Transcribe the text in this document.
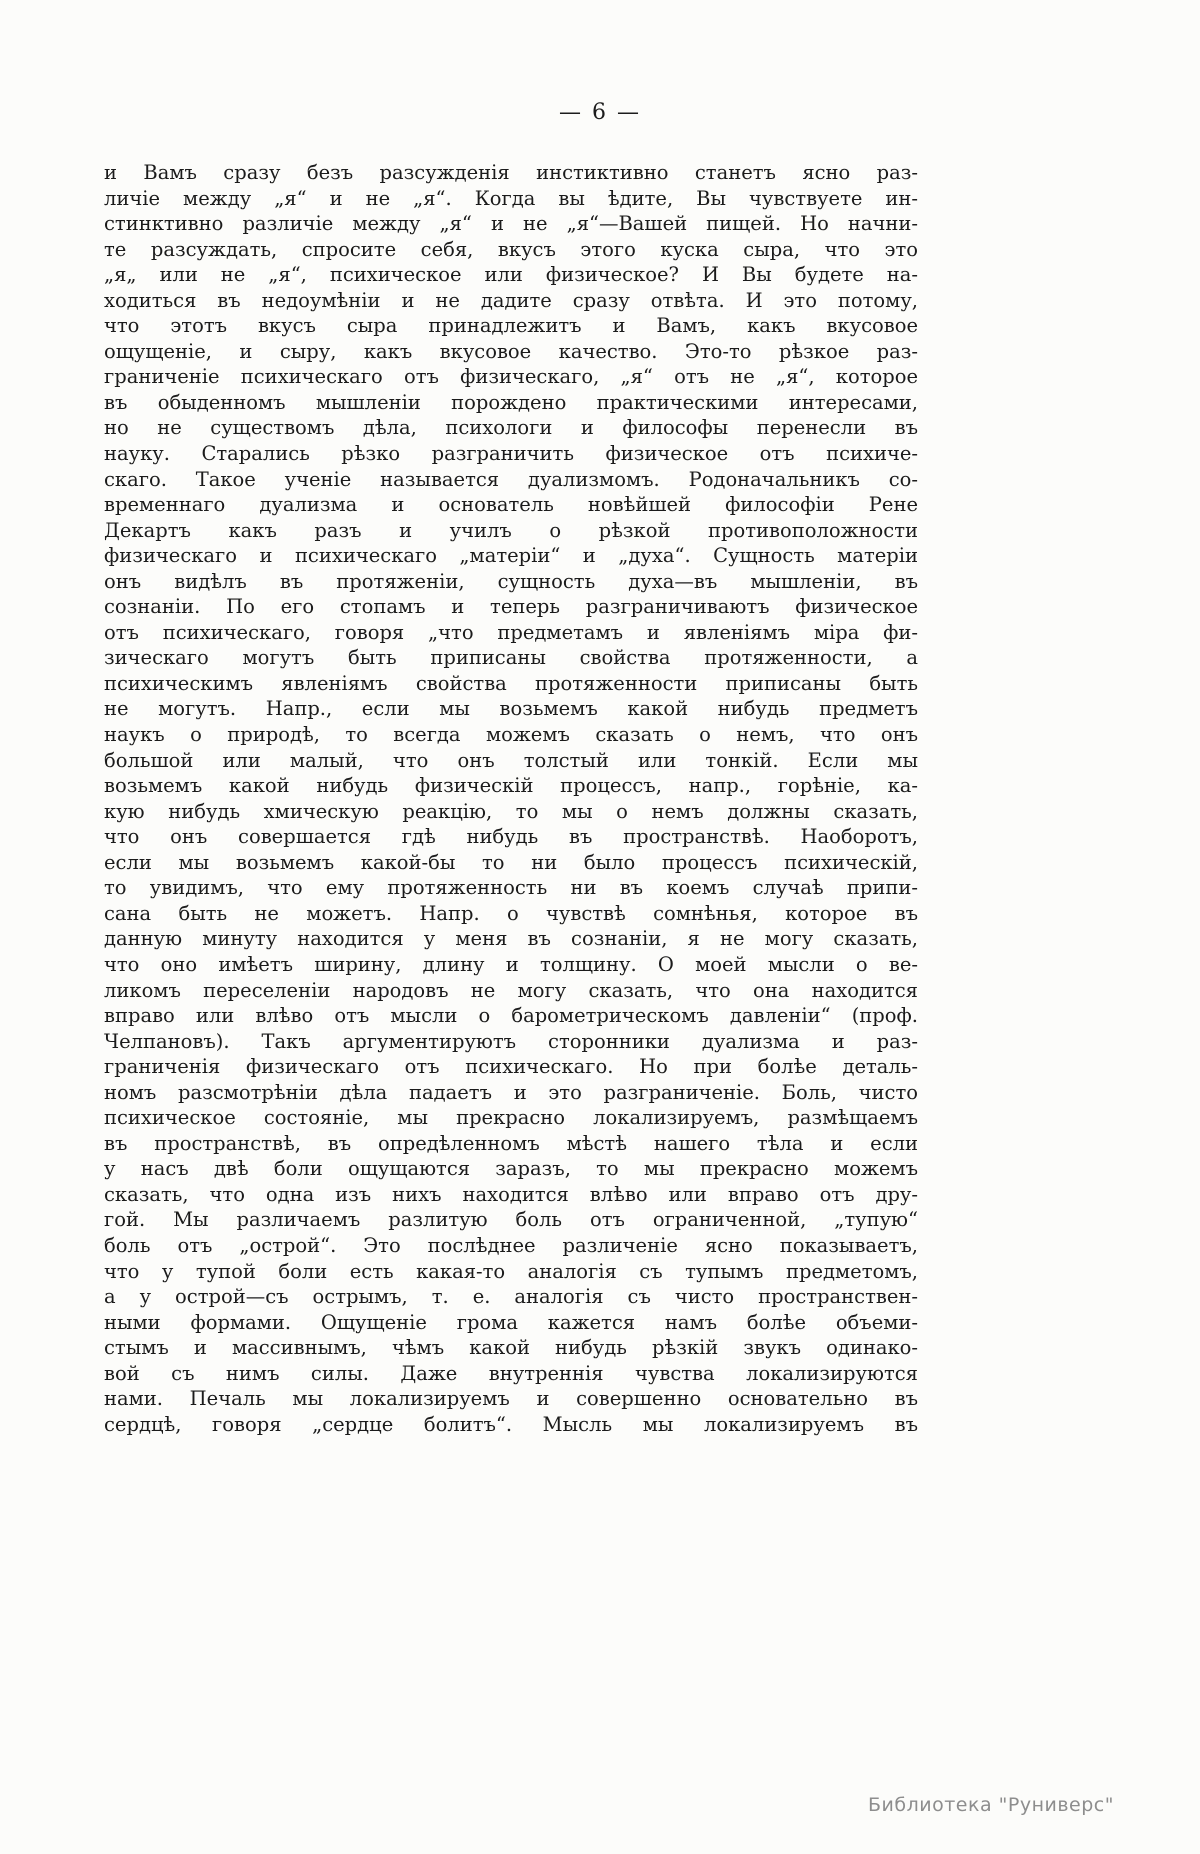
— 6 —
и Вамъ сразу безъ разсужденія инстиктивно станетъ ясно раз-
личіе между „я“ и не „я“. Когда вы ѣдите, Вы чувствуете ин-
стинктивно различіе между „я“ и не „я“—Вашей пищей. Но начни-
те разсуждать, спросите себя, вкусъ этого куска сыра, что это
„я„ или не „я“, психическое или физическое? И Вы будете на-
ходиться въ недоумѣніи и не дадите сразу отвѣта. И это потому,
что этотъ вкусъ сыра принадлежитъ и Вамъ, какъ вкусовое
ощущеніе, и сыру, какъ вкусовое качество. Это-то рѣзкое раз-
граниченіе психическаго отъ физическаго, „я“ отъ не „я“, которое
въ обыденномъ мышленіи порождено практическими интересами,
но не существомъ дѣла, психологи и философы перенесли въ
науку. Старались рѣзко разграничить физическое отъ психиче-
скаго. Такое ученіе называется дуализмомъ. Родоначальникъ со-
временнаго дуализма и основатель новѣйшей философіи Рене
Декартъ какъ разъ и училъ о рѣзкой противоположности
физическаго и психическаго „матеріи“ и „духа“. Сущность матеріи
онъ видѣлъ въ протяженіи, сущность духа—въ мышленіи, въ
сознаніи. По его стопамъ и теперь разграничиваютъ физическое
отъ психическаго, говоря „что предметамъ и явленіямъ міра фи-
зическаго могутъ быть приписаны свойства протяженности, а
психическимъ явленіямъ свойства протяженности приписаны быть
не могутъ. Напр., если мы возьмемъ какой нибудь предметъ
наукъ о природѣ, то всегда можемъ сказать о немъ, что онъ
большой или малый, что онъ толстый или тонкій. Если мы
возьмемъ какой нибудь физическій процессъ, напр., горѣніе, ка-
кую нибудь хмическую реакцію, то мы о немъ должны сказать,
что онъ совершается гдѣ нибудь въ пространствѣ. Наоборотъ,
если мы возьмемъ какой-бы то ни было процессъ психическій,
то увидимъ, что ему протяженность ни въ коемъ случаѣ припи-
сана быть не можетъ. Напр. о чувствѣ сомнѣнья, которое въ
данную минуту находится у меня въ сознаніи, я не могу сказать,
что оно имѣетъ ширину, длину и толщину. О моей мысли о ве-
ликомъ переселеніи народовъ не могу сказать, что она находится
вправо или влѣво отъ мысли о барометрическомъ давленіи“ (проф.
Челпановъ). Такъ аргументируютъ сторонники дуализма и раз-
граниченія физическаго отъ психическаго. Но при болѣе деталь-
номъ разсмотрѣніи дѣла падаетъ и это разграниченіе. Боль, чисто
психическое состояніе, мы прекрасно локализируемъ, размѣщаемъ
въ пространствѣ, въ опредѣленномъ мѣстѣ нашего тѣла и если
у насъ двѣ боли ощущаются заразъ, то мы прекрасно можемъ
сказать, что одна изъ нихъ находится влѣво или вправо отъ дру-
гой. Мы различаемъ разлитую боль отъ ограниченной, „тупую“
боль отъ „острой“. Это послѣднее различеніе ясно показываетъ,
что у тупой боли есть какая-то аналогія съ тупымъ предметомъ,
а у острой—съ острымъ, т. е. аналогія съ чисто пространствен-
ными формами. Ощущеніе грома кажется намъ болѣе объеми-
стымъ и массивнымъ, чѣмъ какой нибудь рѣзкій звукъ одинако-
вой съ нимъ силы. Даже внутреннія чувства локализируются
нами. Печаль мы локализируемъ и совершенно основательно въ
сердцѣ, говоря „сердце болитъ“. Мысль мы локализируемъ въ
Библиотека "Руниверс"
